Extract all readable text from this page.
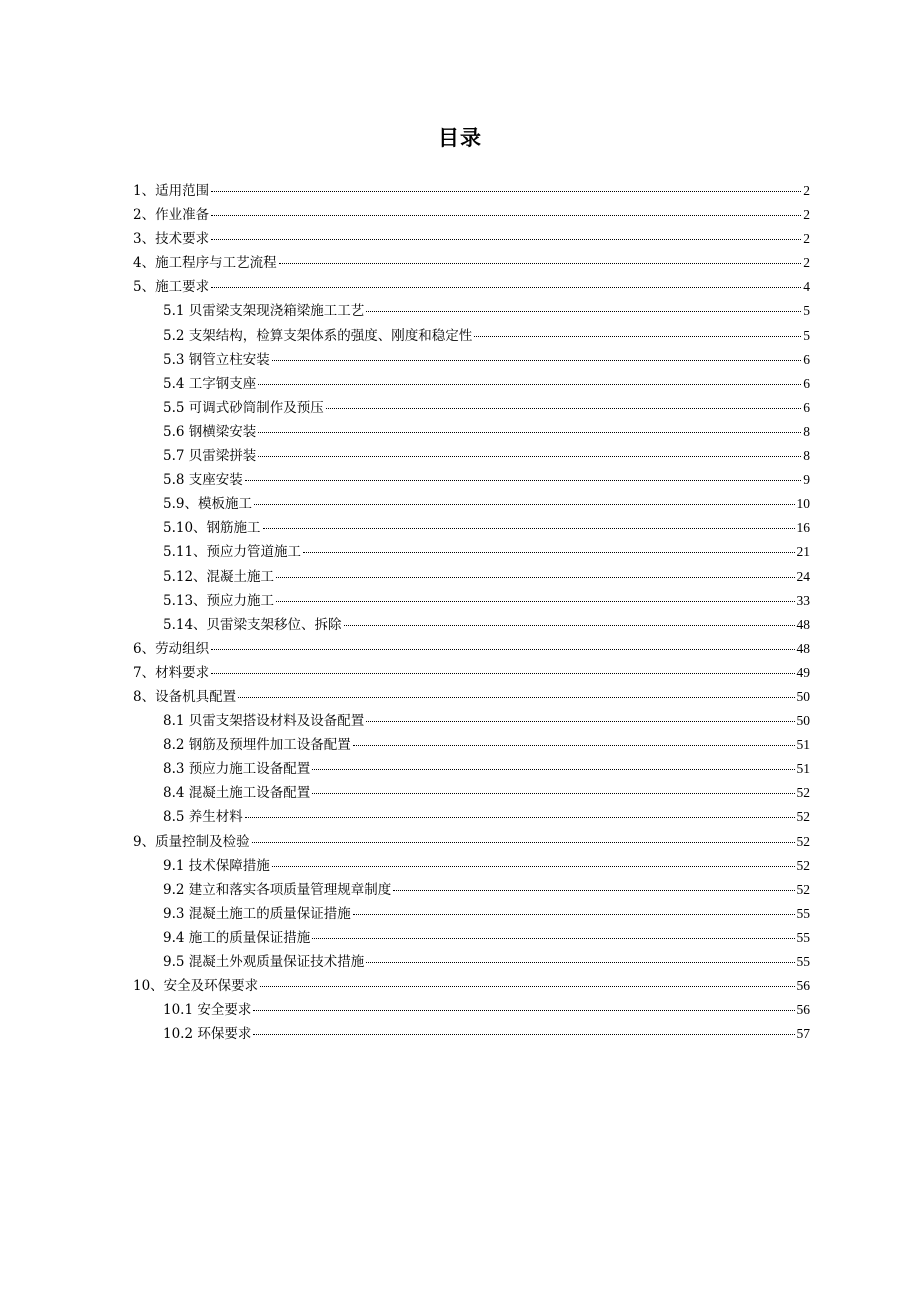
目录
1、适用范围	2
2、作业准备	2
3、技术要求	2
4、施工程序与工艺流程	2
5、施工要求	4
5.1 贝雷梁支架现浇箱梁施工工艺	5
5.2 支架结构，检算支架体系的强度、刚度和稳定性	5
5.3 钢管立柱安装	6
5.4 工字钢支座	6
5.5 可调式砂筒制作及预压	6
5.6 钢横梁安装	8
5.7 贝雷梁拼装	8
5.8 支座安装	9
5.9、模板施工	10
5.10、钢筋施工	16
5.11、预应力管道施工	21
5.12、混凝土施工	24
5.13、预应力施工	33
5.14、贝雷梁支架移位、拆除	48
6、劳动组织	48
7、材料要求	49
8、设备机具配置	50
8.1 贝雷支架搭设材料及设备配置	50
8.2 钢筋及预埋件加工设备配置	51
8.3 预应力施工设备配置	51
8.4 混凝土施工设备配置	52
8.5 养生材料	52
9、质量控制及检验	52
9.1 技术保障措施	52
9.2 建立和落实各项质量管理规章制度	52
9.3 混凝土施工的质量保证措施	55
9.4 施工的质量保证措施	55
9.5 混凝土外观质量保证技术措施	55
10、安全及环保要求	56
10.1 安全要求	56
10.2 环保要求	57
